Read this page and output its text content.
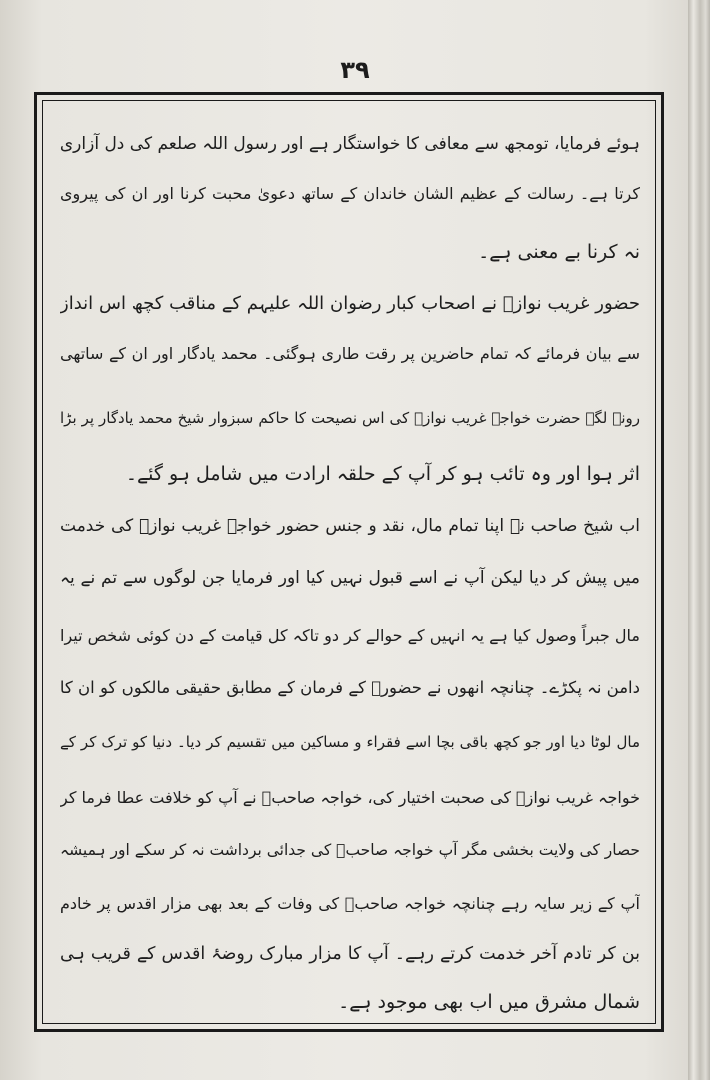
۳۹
ہوئے فرمایا، تومجھ سے معافی کا خواستگار ہے اور رسول اللہ صلعم کی دل آزاری
کرتا ہے۔ رسالت کے عظیم الشان خاندان کے ساتھ دعویٰ محبت کرنا اور ان کی پیروی
نہ کرنا بے معنی ہے۔
حضور غریب نوازؒ نے اصحاب کبار رضوان اللہ علیہم کے مناقب کچھ اس انداز
سے بیان فرمائے کہ تمام حاضرین پر رقت طاری ہوگئی۔ محمد یادگار اور ان کے ساتھی
رونے لگے حضرت خواجہ غریب نوازؒ کی اس نصیحت کا حاکم سبزوار شیخ محمد یادگار پر بڑا
اثر ہوا اور وہ تائب ہو کر آپ کے حلقہ ارادت میں شامل ہو گئے۔
اب شیخ صاحب نے اپنا تمام مال، نقد و جنس حضور خواجہ غریب نوازؒ کی خدمت
میں پیش کر دیا لیکن آپ نے اسے قبول نہیں کیا اور فرمایا جن لوگوں سے تم نے یہ
مال جبراً وصول کیا ہے یہ انہیں کے حوالے کر دو تاکہ کل قیامت کے دن کوئی شخص تیرا
دامن نہ پکڑے۔ چنانچہ انھوں نے حضورؒ کے فرمان کے مطابق حقیقی مالکوں کو ان کا
مال لوٹا دیا اور جو کچھ باقی بچا اسے فقراء و مساکین میں تقسیم کر دیا۔ دنیا کو ترک کر کے
خواجہ غریب نوازؒ کی صحبت اختیار کی، خواجہ صاحبؒ نے آپ کو خلافت عطا فرما کر
حصار کی ولایت بخشی مگر آپ خواجہ صاحبؒ کی جدائی برداشت نہ کر سکے اور ہمیشہ
آپ کے زیر سایہ رہے چنانچہ خواجہ صاحبؒ کی وفات کے بعد بھی مزار اقدس پر خادم
بن کر تادم آخر خدمت کرتے رہے۔ آپ کا مزار مبارک روضۂ اقدس کے قریب ہی
شمال مشرق میں اب بھی موجود ہے۔
